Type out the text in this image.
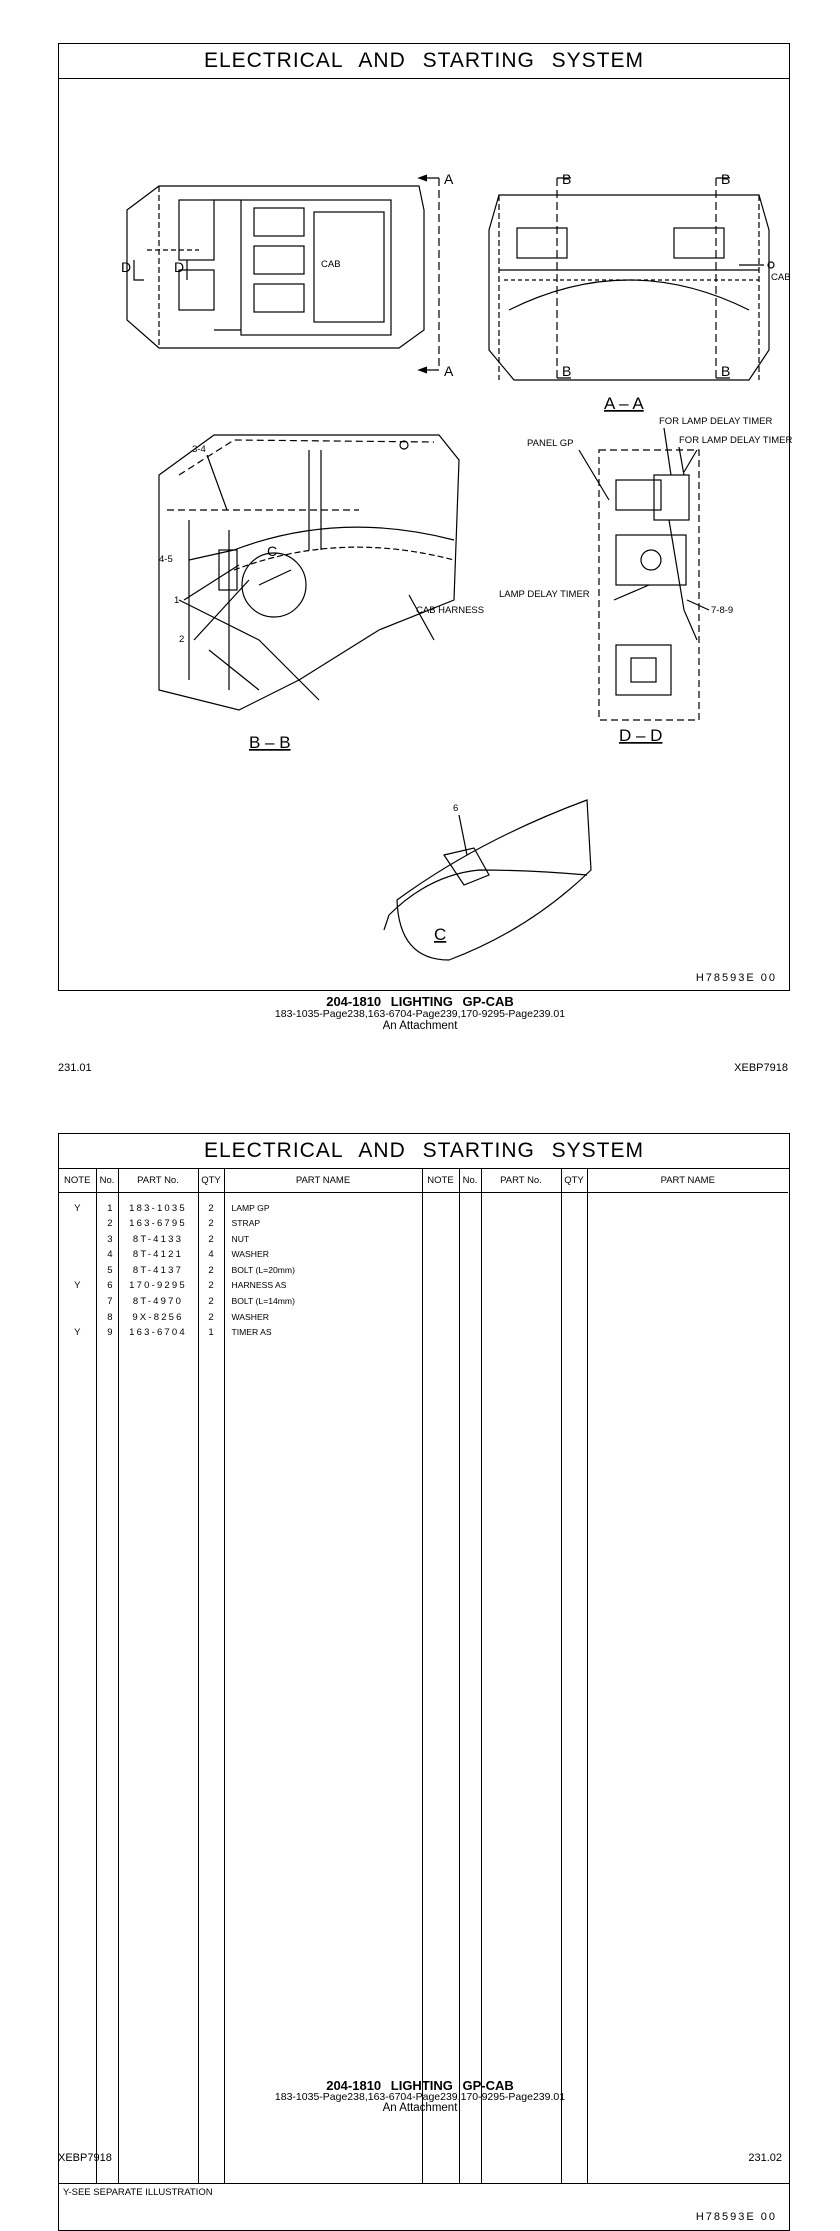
ELECTRICAL AND STARTING SYSTEM
CAB
CAB
FOR LAMP DELAY TIMER
FOR LAMP DELAY TIMER
PANEL GP
LAMP DELAY TIMER
CAB HARNESS
3-4
4-5
1
2
7-8-9
6
A
A
B	B
B	B
D	D
C
A – A
B – B	D – D
C
H78593E 00
204-1810 LIGHTING GP-CAB
183-1035-Page238,163-6704-Page239,170-9295-Page239.01
An Attachment
231.01	XEBP7918
ELECTRICAL AND STARTING SYSTEM
NOTE	No.	PART No.	QTY	PART NAME	NOTE	No.	PART No.	QTY	PART NAME

Y	1	183-1035	2	LAMP GP					
	2	163-6795	2	STRAP					
	3	8T-4133	2	NUT					
	4	8T-4121	4	WASHER					
	5	8T-4137	2	BOLT (L=20mm)					
Y	6	170-9295	2	HARNESS AS					
	7	8T-4970	2	BOLT (L=14mm)					
	8	9X-8256	2	WASHER					
Y	9	163-6704	1	TIMER AS					

Y-SEE SEPARATE ILLUSTRATION
H78593E 00
204-1810 LIGHTING GP-CAB
183-1035-Page238,163-6704-Page239,170-9295-Page239.01
An Attachment
XEBP7918	231.02
